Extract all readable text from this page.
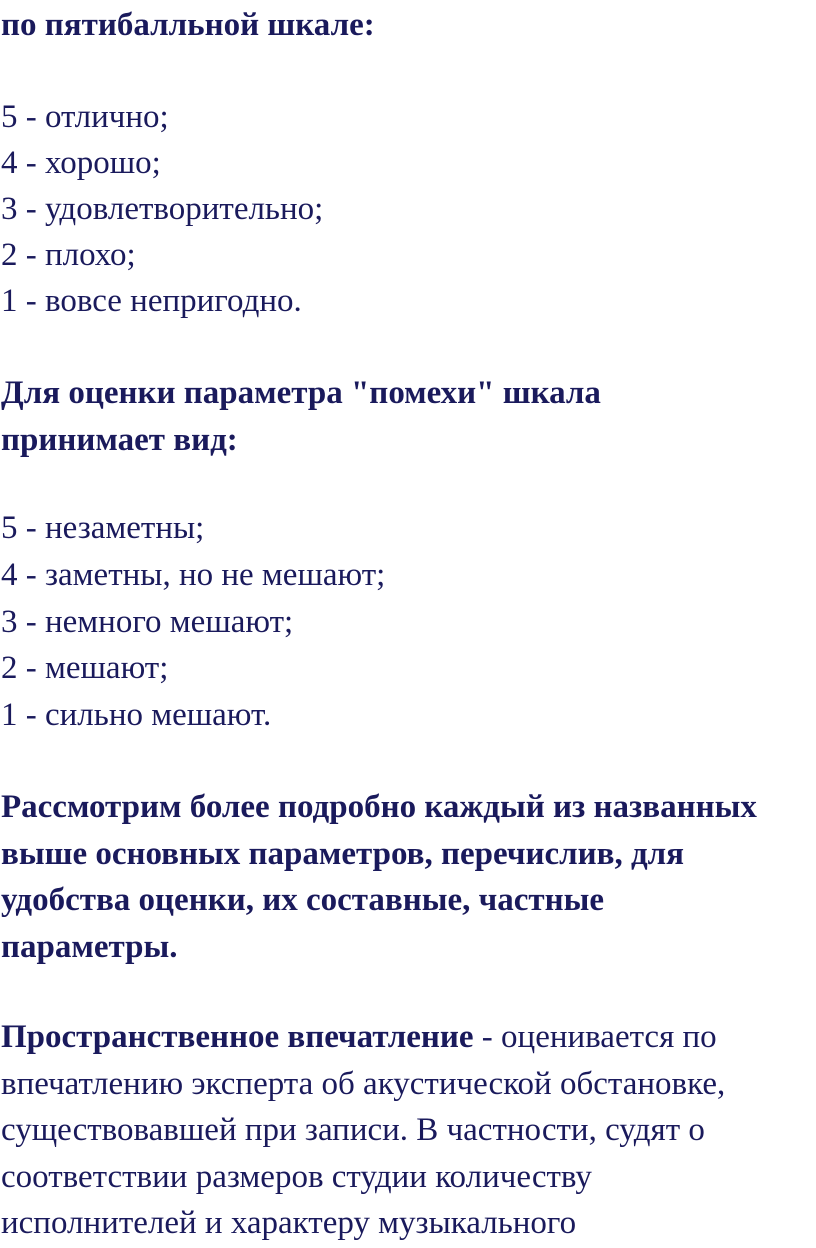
по пятибалльной шкале:
5 - отлично;
4 - хорошо;
3 - удовлетворительно;
2 - плохо;
1 - вовсе непригодно.
Для оценки параметра "помехи" шкала
принимает вид:
5 - незаметны;
4 - заметны, но не мешают;
3 - немного мешают;
2 - мешают;
1 - сильно мешают.
Рассмотрим более подробно каждый из названных
выше основных параметров, перечислив, для
удобства оценки, их составные, частные
параметры.
Пространственное впечатление - оценивается по
впечатлению эксперта об акустической обстановке,
существовавшей при записи. В частности, судят о
соответствии размеров студии количеству
исполнителей и характеру музыкального
